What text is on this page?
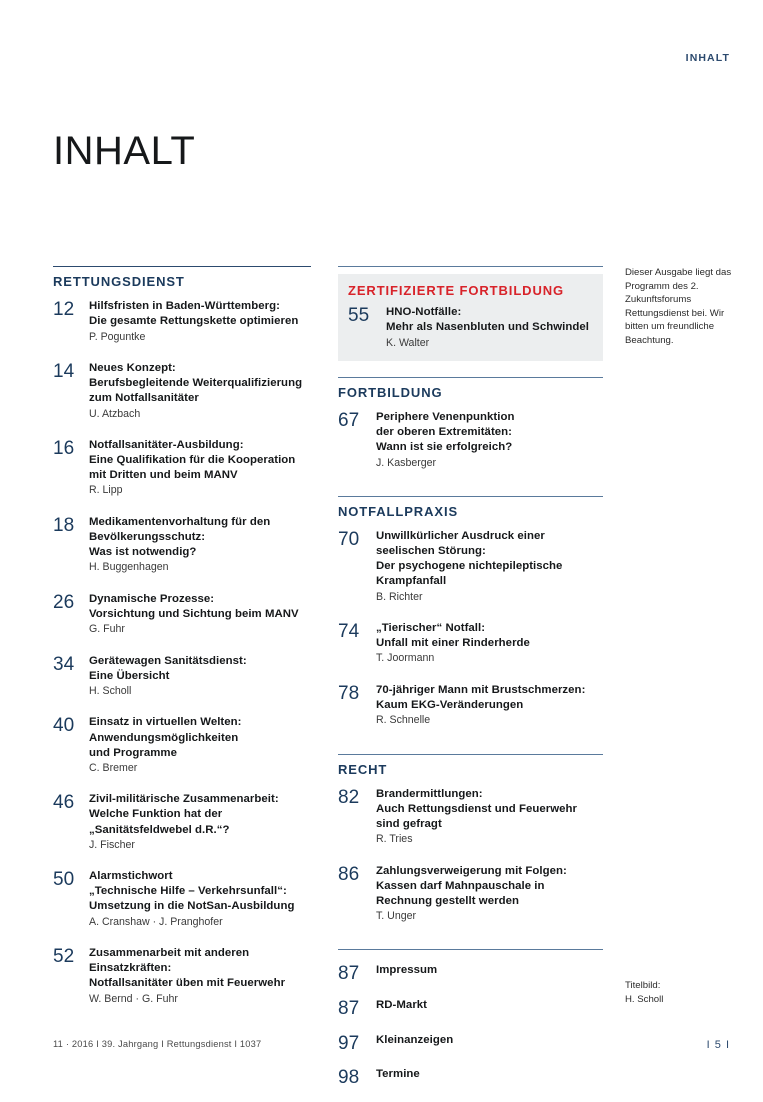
INHALT
INHALT
RETTUNGSDIENST
12	Hilfsfristen in Baden-Württemberg:
Die gesamte Rettungskette optimieren
P. Poguntke
14	Neues Konzept:
Berufsbegleitende Weiterqualifizierung
zum Notfallsanitäter
U. Atzbach
16	Notfallsanitäter-Ausbildung:
Eine Qualifikation für die Kooperation
mit Dritten und beim MANV
R. Lipp
18	Medikamentenvorhaltung für den
Bevölkerungsschutz:
Was ist notwendig?
H. Buggenhagen
26	Dynamische Prozesse:
Vorsichtung und Sichtung beim MANV
G. Fuhr
34	Gerätewagen Sanitätsdienst:
Eine Übersicht
H. Scholl
40	Einsatz in virtuellen Welten:
Anwendungsmöglichkeiten
und Programme
C. Bremer
46	Zivil-militärische Zusammenarbeit:
Welche Funktion hat der
„Sanitätsfeldwebel d.R.“?
J. Fischer
50	Alarmstichwort
„Technische Hilfe – Verkehrsunfall“:
Umsetzung in die NotSan-Ausbildung
A. Cranshaw · J. Pranghofer
52	Zusammenarbeit mit anderen
Einsatzkräften:
Notfallsanitäter üben mit Feuerwehr
W. Bernd · G. Fuhr
ZERTIFIZIERTE FORTBILDUNG
55	HNO-Notfälle:
Mehr als Nasenbluten und Schwindel
K. Walter
FORTBILDUNG
67	Periphere Venenpunktion
der oberen Extremitäten:
Wann ist sie erfolgreich?
J. Kasberger
NOTFALLPRAXIS
70	Unwillkürlicher Ausdruck einer
seelischen Störung:
Der psychogene nichtepileptische
Krampfanfall
B. Richter
74	„Tierischer“ Notfall:
Unfall mit einer Rinderherde
T. Joormann
78	70-jähriger Mann mit Brustschmerzen:
Kaum EKG-Veränderungen
R. Schnelle
RECHT
82	Brandermittlungen:
Auch Rettungsdienst und Feuerwehr
sind gefragt
R. Tries
86	Zahlungsverweigerung mit Folgen:
Kassen darf Mahnpauschale in
Rechnung gestellt werden
T. Unger
87	Impressum
87	RD-Markt
97	Kleinanzeigen
98	Termine
Dieser Ausgabe liegt das Programm des 2. Zukunftsforums Rettungsdienst bei. Wir bitten um freundliche Beachtung.
Titelbild:
H. Scholl
11 · 2016 I 39. Jahrgang I Rettungsdienst I 1037	I 5 I
